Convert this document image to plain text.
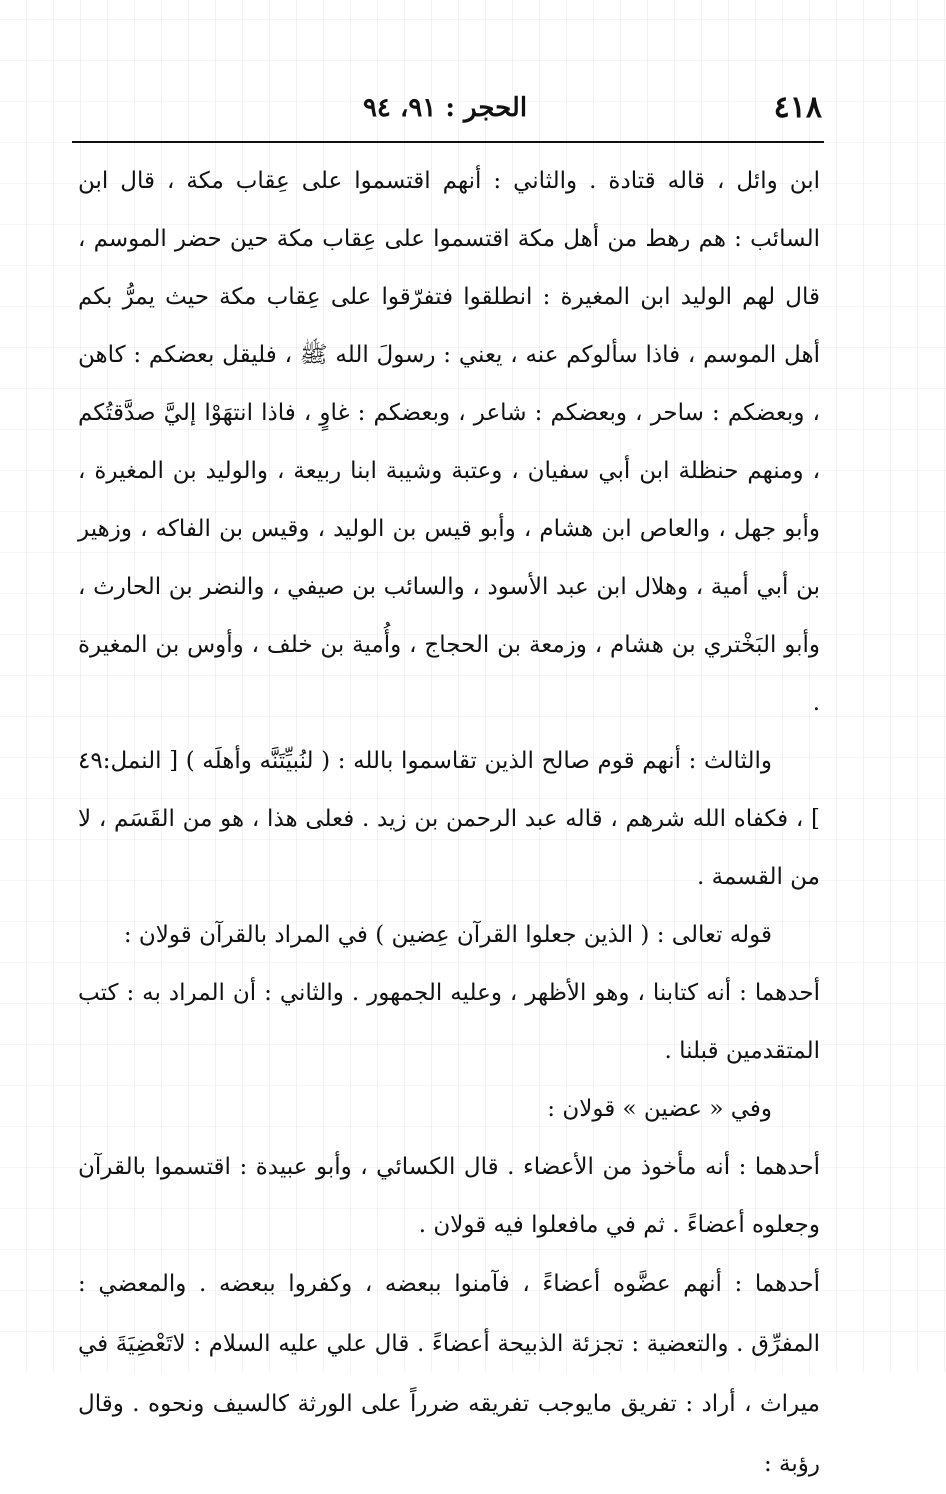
٤١٨
الحجر : ٩١، ٩٤

ابن وائل ، قاله قتادة . والثاني : أنهم اقتسموا على عِقاب مكة ، قال ابن السائب : هم رهط من أهل مكة اقتسموا على عِقاب مكة حين حضر الموسم ، قال لهم الوليد ابن المغيرة : انطلقوا فتفرّقوا على عِقاب مكة حيث يمرُّ بكم أهل الموسم ، فاذا سألوكم عنه ، يعني : رسولَ الله ﷺ ، فليقل بعضكم : كاهن ، وبعضكم : ساحر ، وبعضكم : شاعر ، وبعضكم : غاوٍ ، فاذا انتهَوْا إليَّ صدَّقتُكم ، ومنهم حنظلة ابن أبي سفيان ، وعتبة وشيبة ابنا ربيعة ، والوليد بن المغيرة ، وأبو جهل ، والعاص ابن هشام ، وأبو قيس بن الوليد ، وقيس بن الفاكه ، وزهير بن أبي أمية ، وهلال ابن عبد الأسود ، والسائب بن صيفي ، والنضر بن الحارث ، وأبو البَخْتري بن هشام ، وزمعة بن الحجاج ، وأُمية بن خلف ، وأوس بن المغيرة .

والثالث : أنهم قوم صالح الذين تقاسموا بالله : ( لنُبيِّتَنَّه وأهلَه ) [ النمل:٤٩ ] ، فكفاه الله شرهم ، قاله عبد الرحمن بن زيد . فعلى هذا ، هو من القَسَم ، لا من القسمة .

قوله تعالى : ( الذين جعلوا القرآن عِضين ) في المراد بالقرآن قولان :

أحدهما : أنه كتابنا ، وهو الأظهر ، وعليه الجمهور . والثاني : أن المراد به : كتب المتقدمين قبلنا .

وفي « عضين » قولان :

أحدهما : أنه مأخوذ من الأعضاء . قال الكسائي ، وأبو عبيدة : اقتسموا بالقرآن وجعلوه أعضاءً . ثم في مافعلوا فيه قولان .

أحدهما : أنهم عضَّوه أعضاءً ، فآمنوا ببعضه ، وكفروا ببعضه . والمعضي : المفرِّق . والتعضية : تجزئة الذبيحة أعضاءً . قال علي عليه السلام : لاتَعْضِيَةَ في ميراث ، أراد : تفريق مايوجب تفريقه ضرراً على الورثة كالسيف ونحوه . وقال رؤبة :
